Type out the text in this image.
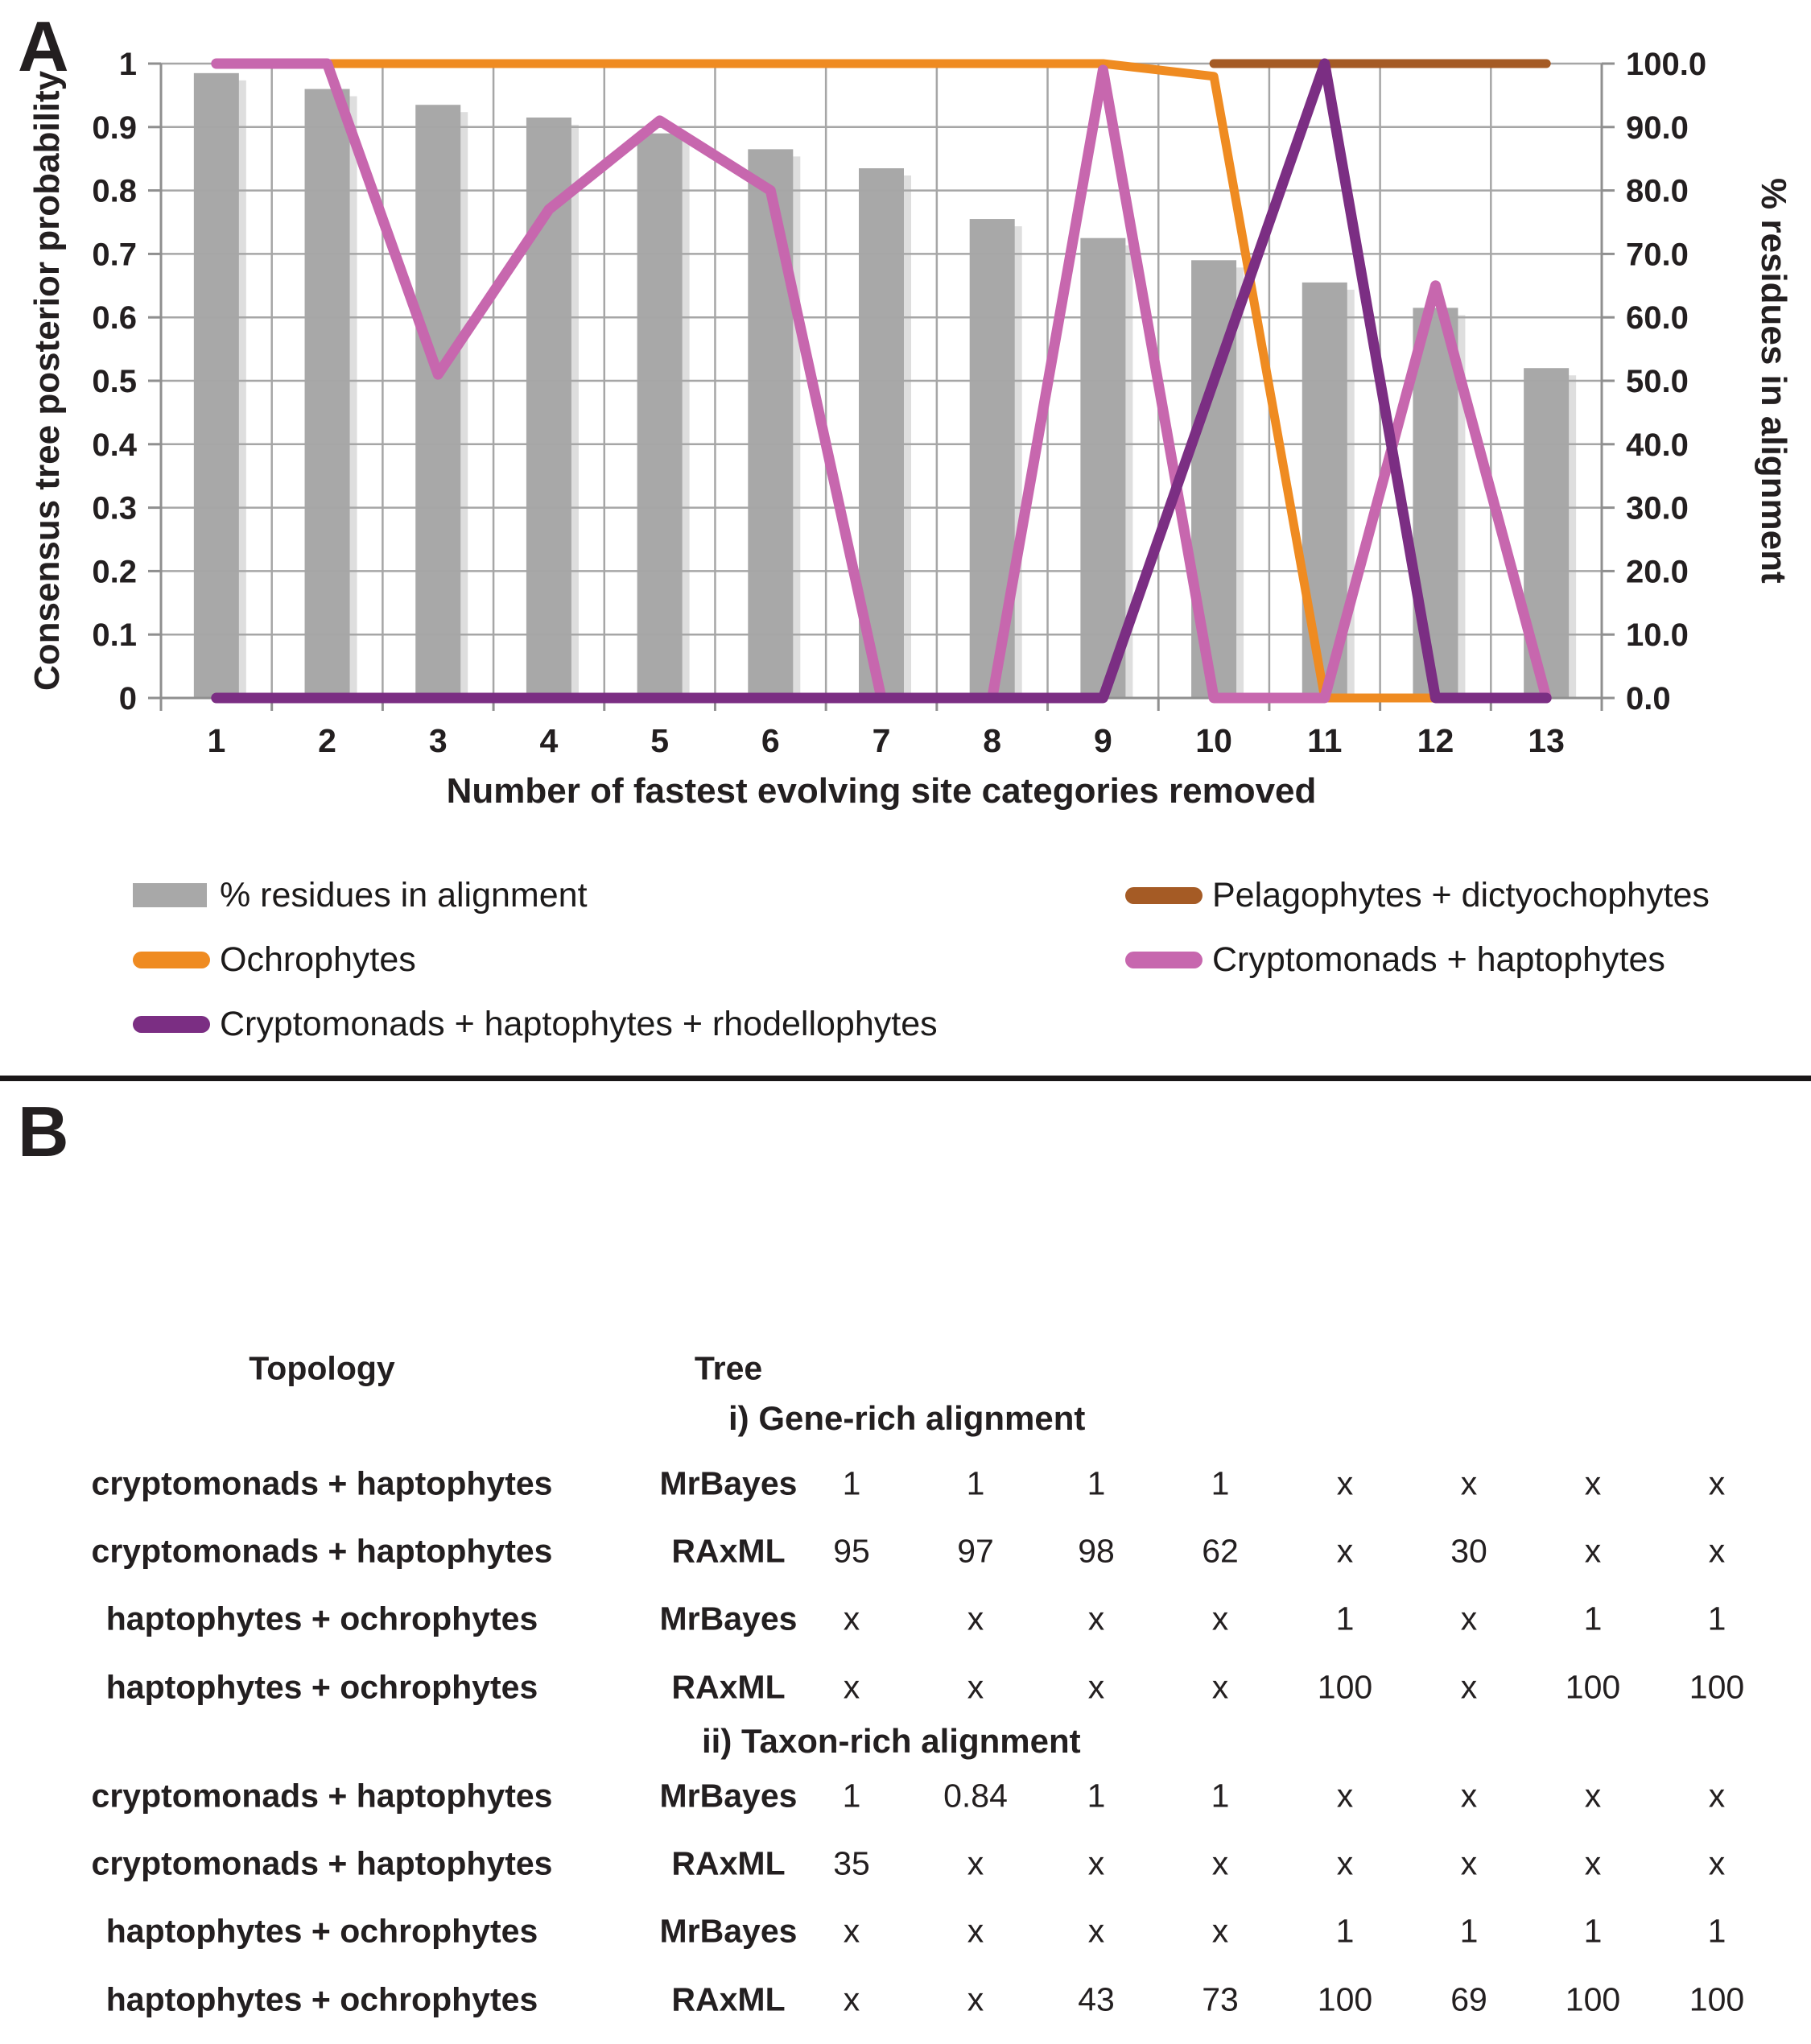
A
0
0.1
0.2
0.3
0.4
0.5
0.6
0.7
0.8
0.9
1
0.0
10.0
20.0
30.0
40.0
50.0
60.0
70.0
80.0
90.0
100.0
1	2	3	4	5	6	7	8	9	10 11 12 13
Consensus tree posterior probability	% residues in alignment
Number of fastest evolving site categories removed
% residues in alignment
Ochrophytes
Cryptomonads + haptophytes + rhodellophytes
Pelagophytes + dictyochophytes
Cryptomonads + haptophytes
B
Topology	Tree
i) Gene-rich alignment
cryptomonads + haptophytes	MrBayes 1	1	1	1	x	x	x	x
cryptomonads + haptophytes	RAxML 95	97	98	62	x	30	x	x
haptophytes + ochrophytes	MrBayes x	x	x	x	1	x	1	1
haptophytes + ochrophytes	RAxML x	x	x	x	100	x	100 100
ii) Taxon-rich alignment
cryptomonads + haptophytes	MrBayes 1	0.84 1	1	x	x	x	x
cryptomonads + haptophytes	RAxML 35	x	x	x	x	x	x	x
haptophytes + ochrophytes	MrBayes x	x	x	x	1	1	1	1
haptophytes + ochrophytes	RAxML x	x	43	73 100 69 100 100
